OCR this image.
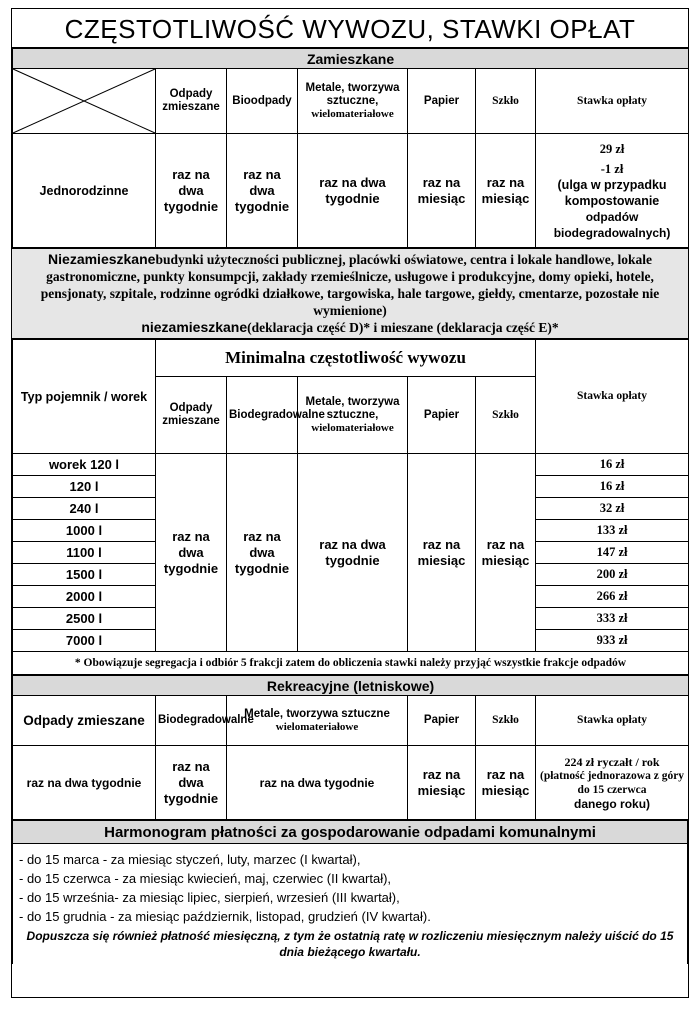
CZĘSTOTLIWOŚĆ WYWOZU, STAWKI OPŁAT
Zamieszkane						

	Odpady zmieszane	Bioodpady	Metale, tworzywa sztuczne,
wielomateriałowe	Papier	Szkło	Stawka opłaty
Jednorodzinne	raz na dwa tygodnie	raz na dwa tygodnie	raz na dwa tygodnie	raz na miesiąc	raz na miesiąc	29 zł
-1 zł
(ulga w przypadku kompostowanie
odpadów biodegradowalnych)
Niezamieszkanebudynki użyteczności publicznej, placówki oświatowe, centra i lokale handlowe, lokale gastronomiczne, punkty konsumpcji, zakłady rzemieślnicze, usługowe i produkcyjne, domy opieki, hotele, pensjonaty, szpitale, rodzinne ogródki działkowe, targowiska, hale targowe, giełdy, cmentarze, pozostałe nie wymienione)
niezamieszkane(deklaracja część D)* i mieszane (deklaracja część E)*
Typ pojemnik / worek	Minimalna częstotliwość wywozu					Stawka opłaty
	Odpady zmieszane	Biodegradowalne	Metale, tworzywa sztuczne,
wielomateriałowe	Papier	Szkło	
worek 120 l	raz na dwa tygodnie	raz na dwa tygodnie	raz na dwa tygodnie	raz na miesiąc	raz na miesiąc	16 zł
120 l						16 zł
240 l						32 zł
1000 l						133 zł
1100 l						147 zł
1500 l						200 zł
2000 l						266 zł
2500 l						333 zł
7000 l						933 zł
* Obowiązuje segregacja i odbiór 5 frakcji zatem do obliczenia stawki należy przyjąć wszystkie frakcje odpadów						
Rekreacyjne (letniskowe)					
Odpady zmieszane	Biodegradowalne	Metale, tworzywa sztuczne
wielomateriałowe	Papier	Szkło	Stawka opłaty
raz na dwa tygodnie	raz na dwa tygodnie	raz na dwa tygodnie	raz na miesiąc	raz na miesiąc	224 zł ryczałt / rok
(płatność jednorazowa z góry do 15 czerwca
danego roku)
Harmonogram płatności za gospodarowanie odpadami komunalnymi

- do 15 marca - za miesiąc styczeń, luty, marzec (I kwartał),
- do 15 czerwca - za miesiąc kwiecień, maj, czerwiec (II kwartał),
- do 15 września- za miesiąc lipiec, sierpień, wrzesień (III kwartał),
- do 15 grudnia - za miesiąc październik, listopad, grudzień (IV kwartał).
Dopuszcza się również płatność miesięczną, z tym że ostatnią ratę w rozliczeniu miesięcznym należy uiścić do 15 dnia bieżącego kwartału.
